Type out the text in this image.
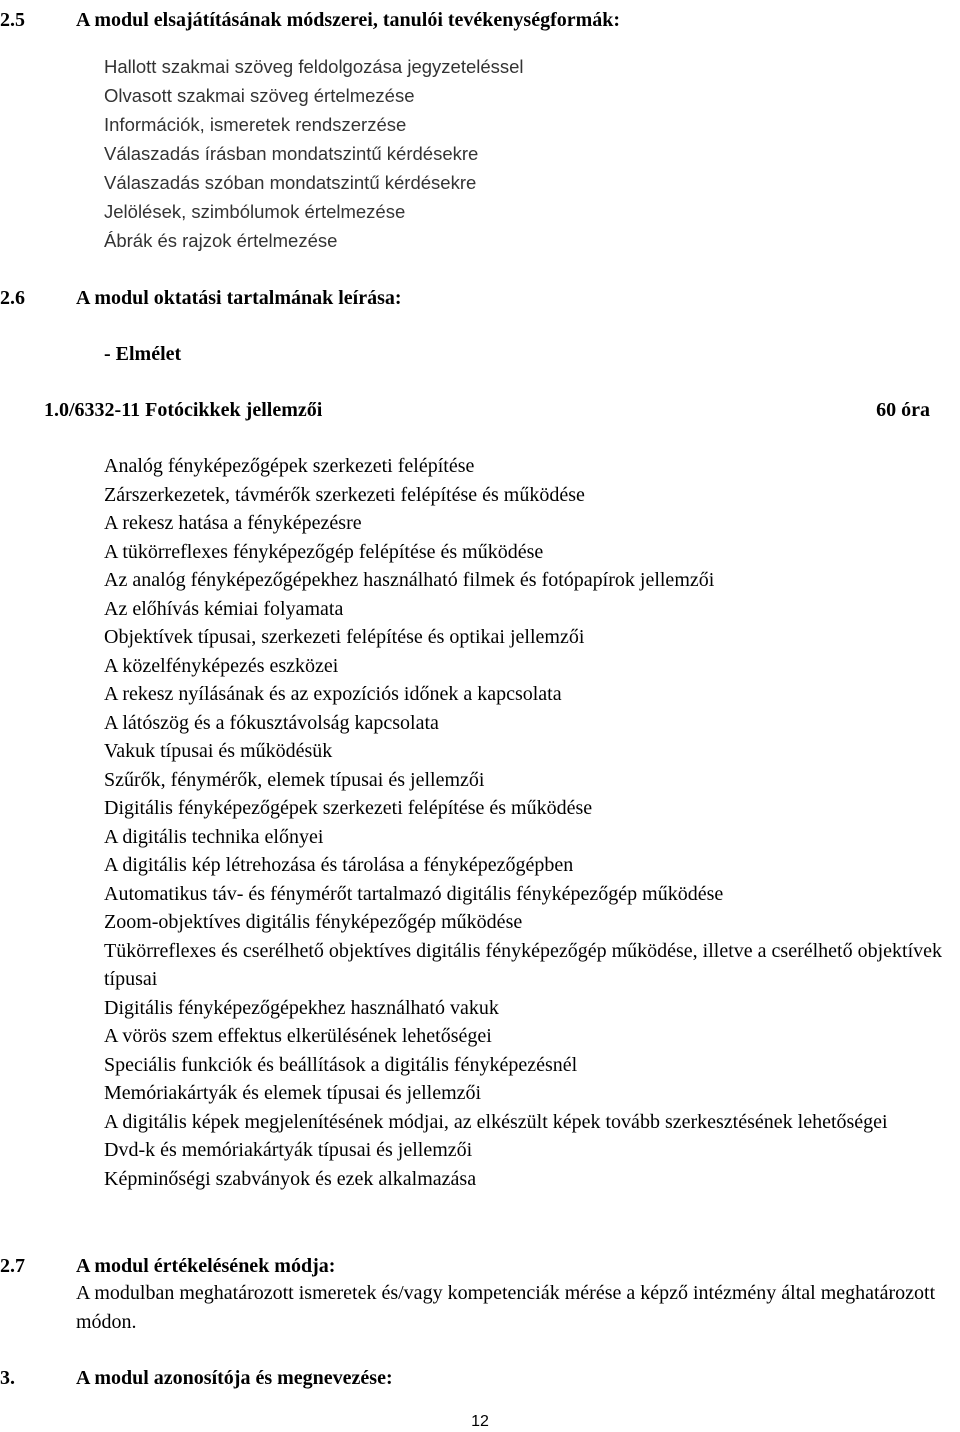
2.5	A modul elsajátításának módszerei, tanulói tevékenységformák:
Hallott szakmai szöveg feldolgozása jegyzeteléssel
Olvasott szakmai szöveg értelmezése
Információk, ismeretek rendszerzése
Válaszadás írásban mondatszintű kérdésekre
Válaszadás szóban mondatszintű kérdésekre
Jelölések, szimbólumok értelmezése
Ábrák és rajzok értelmezése
2.6	A modul oktatási tartalmának leírása:
- Elmélet
1.0/6332-11 Fotócikkek jellemzői	60 óra
Analóg fényképezőgépek szerkezeti felépítése
Zárszerkezetek, távmérők szerkezeti felépítése és működése
A rekesz hatása a fényképezésre
A tükörreflexes fényképezőgép felépítése és működése
Az analóg fényképezőgépekhez használható filmek és fotópapírok jellemzői
Az előhívás kémiai folyamata
Objektívek típusai, szerkezeti felépítése és optikai jellemzői
A közelfényképezés eszközei
A rekesz nyílásának és az expozíciós időnek a kapcsolata
A látószög és a fókusztávolság kapcsolata
Vakuk típusai és működésük
Szűrők, fénymérők, elemek típusai és jellemzői
Digitális fényképezőgépek szerkezeti felépítése és működése
A digitális technika előnyei
A digitális kép létrehozása és tárolása a fényképezőgépben
Automatikus táv- és fénymérőt tartalmazó digitális fényképezőgép működése
Zoom-objektíves digitális fényképezőgép működése
Tükörreflexes és cserélhető objektíves digitális fényképezőgép működése, illetve a cserélhető objektívek típusai
Digitális fényképezőgépekhez használható vakuk
A vörös szem effektus elkerülésének lehetőségei
Speciális funkciók és beállítások a digitális fényképezésnél
Memóriakártyák és elemek típusai és jellemzői
A digitális képek megjelenítésének módjai, az elkészült képek tovább szerkesztésének lehetőségei
Dvd-k és memóriakártyák típusai és jellemzői
Képminőségi szabványok és ezek alkalmazása
2.7	A modul értékelésének módja:
A modulban meghatározott ismeretek és/vagy kompetenciák mérése a képző intézmény által meghatározott módon.
3.	A modul azonosítója és megnevezése:
12
